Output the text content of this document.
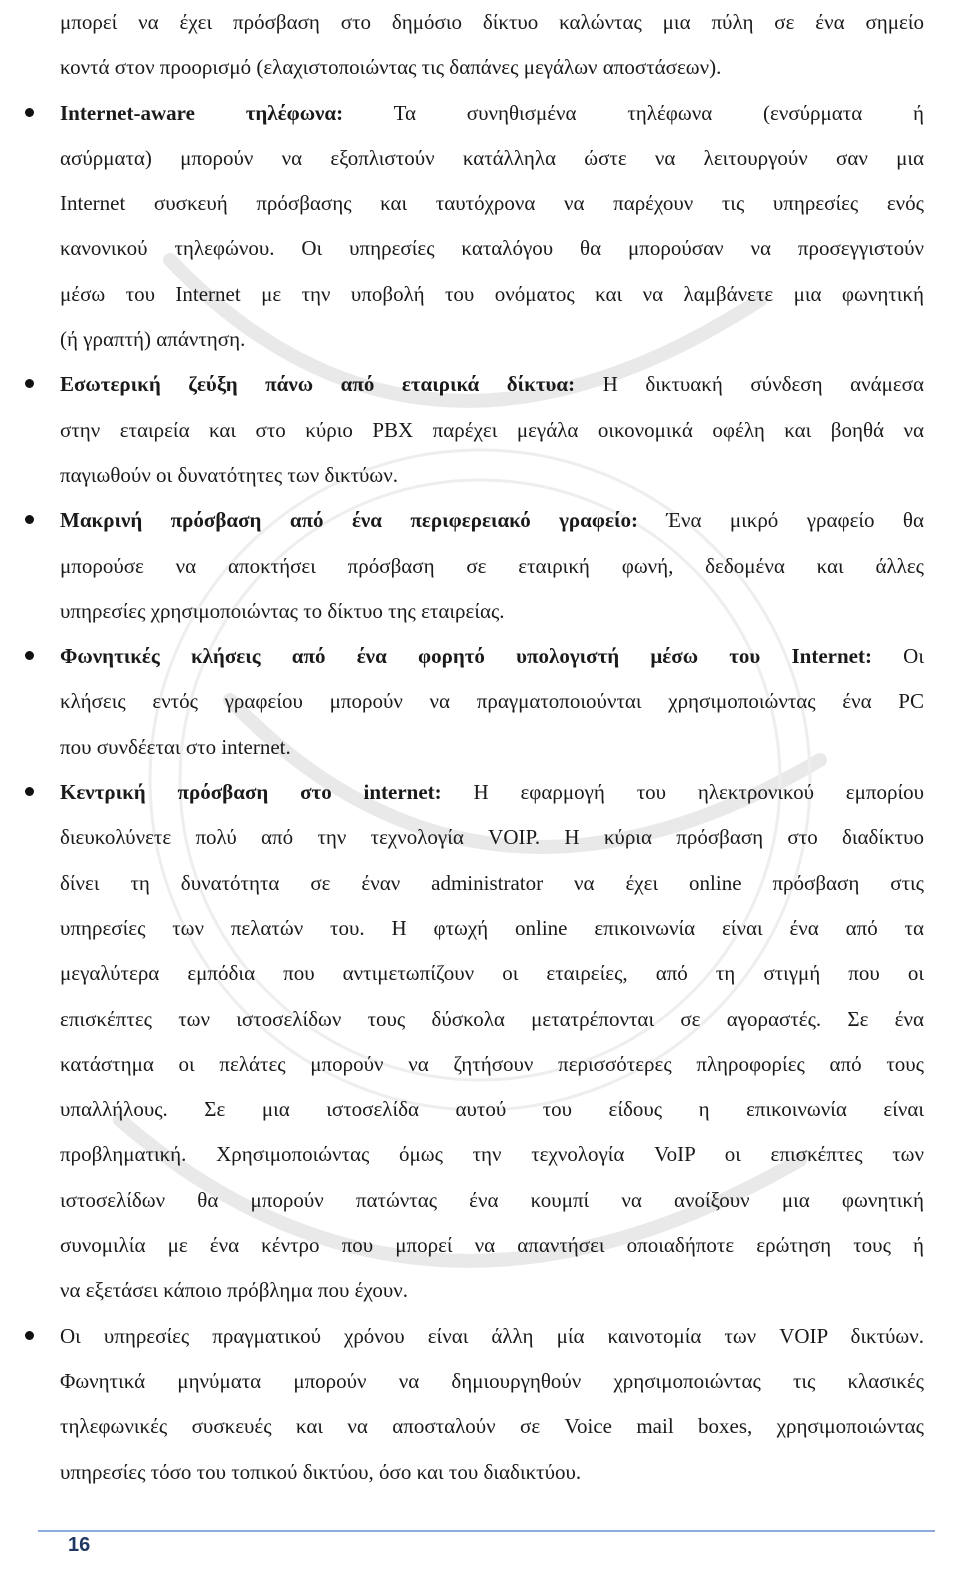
μπορεί να έχει πρόσβαση στο δημόσιο δίκτυο καλώντας μια πύλη σε ένα σημείο
κοντά στον προορισμό (ελαχιστοποιώντας τις δαπάνες μεγάλων αποστάσεων).
Internet-aware τηλέφωνα: Τα συνηθισμένα τηλέφωνα (ενσύρματα ή
ασύρματα) μπορούν να εξοπλιστούν κατάλληλα ώστε να λειτουργούν σαν μια
Internet συσκευή πρόσβασης και ταυτόχρονα να παρέχουν τις υπηρεσίες ενός
κανονικού τηλεφώνου. Οι υπηρεσίες καταλόγου θα μπορούσαν να προσεγγιστούν
μέσω του Internet με την υποβολή του ονόματος και να λαμβάνετε μια φωνητική
(ή γραπτή) απάντηση.
Εσωτερική ζεύξη πάνω από εταιρικά δίκτυα: Η δικτυακή σύνδεση ανάμεσα
στην εταιρεία και στο κύριο PBX παρέχει μεγάλα οικονομικά οφέλη και βοηθά να
παγιωθούν οι δυνατότητες των δικτύων.
Μακρινή πρόσβαση από ένα περιφερειακό γραφείο: Ένα μικρό γραφείο θα
μπορούσε να αποκτήσει πρόσβαση σε εταιρική φωνή, δεδομένα και άλλες
υπηρεσίες χρησιμοποιώντας το δίκτυο της εταιρείας.
Φωνητικές κλήσεις από ένα φορητό υπολογιστή μέσω του Internet: Οι
κλήσεις εντός γραφείου μπορούν να πραγματοποιούνται χρησιμοποιώντας ένα PC
που συνδέεται στο internet.
Κεντρική πρόσβαση στο internet: Η εφαρμογή του ηλεκτρονικού εμπορίου
διευκολύνετε πολύ από την τεχνολογία VOIP. Η κύρια πρόσβαση στο διαδίκτυο
δίνει τη δυνατότητα σε έναν administrator να έχει online πρόσβαση στις
υπηρεσίες των πελατών του. Η φτωχή online επικοινωνία είναι ένα από τα
μεγαλύτερα εμπόδια που αντιμετωπίζουν οι εταιρείες, από τη στιγμή που οι
επισκέπτες των ιστοσελίδων τους δύσκολα μετατρέπονται σε αγοραστές. Σε ένα
κατάστημα οι πελάτες μπορούν να ζητήσουν περισσότερες πληροφορίες από τους
υπαλλήλους. Σε μια ιστοσελίδα αυτού του είδους η επικοινωνία είναι
προβληματική. Χρησιμοποιώντας όμως την τεχνολογία VoIP οι επισκέπτες των
ιστοσελίδων θα μπορούν πατώντας ένα κουμπί να ανοίξουν μια φωνητική
συνομιλία με ένα κέντρο που μπορεί να απαντήσει οποιαδήποτε ερώτηση τους ή
να εξετάσει κάποιο πρόβλημα που έχουν.
Οι υπηρεσίες πραγματικού χρόνου είναι άλλη μία καινοτομία των VOIP δικτύων.
Φωνητικά μηνύματα μπορούν να δημιουργηθούν χρησιμοποιώντας τις κλασικές
τηλεφωνικές συσκευές και να αποσταλούν σε Voice mail boxes, χρησιμοποιώντας
υπηρεσίες τόσο του τοπικού δικτύου, όσο και του διαδικτύου.
16
